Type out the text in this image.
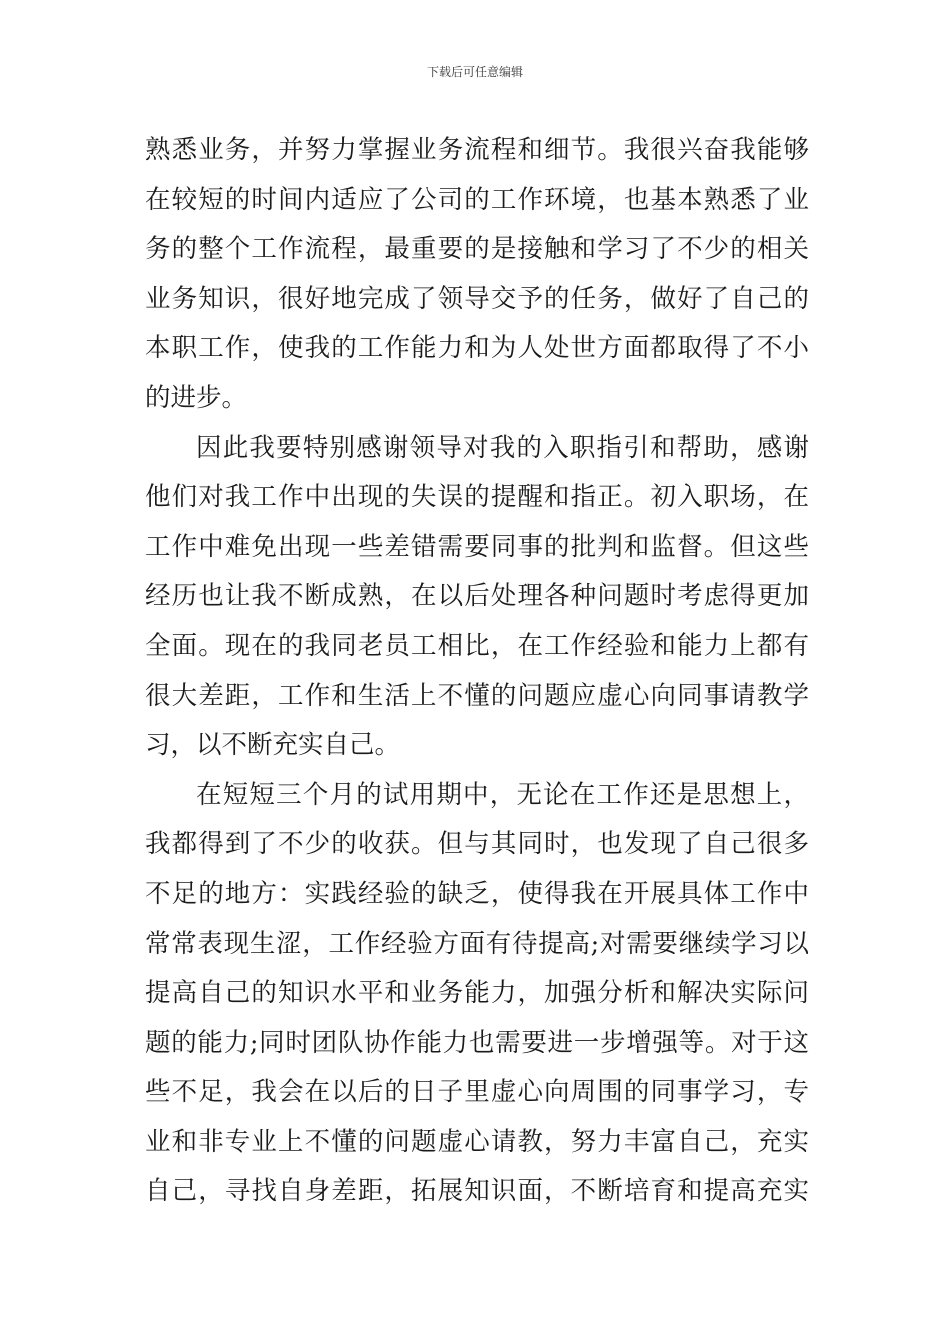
下载后可任意编辑
熟悉业务，并努力掌握业务流程和细节。我很兴奋我能够
在较短的时间内适应了公司的工作环境，也基本熟悉了业
务的整个工作流程，最重要的是接触和学习了不少的相关
业务知识，很好地完成了领导交予的任务，做好了自己的
本职工作，使我的工作能力和为人处世方面都取得了不小
的进步。
因此我要特别感谢领导对我的入职指引和帮助，感谢
他们对我工作中出现的失误的提醒和指正。初入职场，在
工作中难免出现一些差错需要同事的批判和监督。但这些
经历也让我不断成熟，在以后处理各种问题时考虑得更加
全面。现在的我同老员工相比，在工作经验和能力上都有
很大差距，工作和生活上不懂的问题应虚心向同事请教学
习，以不断充实自己。
在短短三个月的试用期中，无论在工作还是思想上，
我都得到了不少的收获。但与其同时，也发现了自己很多
不足的地方：实践经验的缺乏，使得我在开展具体工作中
常常表现生涩，工作经验方面有待提高;对需要继续学习以
提高自己的知识水平和业务能力，加强分析和解决实际问
题的能力;同时团队协作能力也需要进一步增强等。对于这
些不足，我会在以后的日子里虚心向周围的同事学习，专
业和非专业上不懂的问题虚心请教，努力丰富自己，充实
自己，寻找自身差距，拓展知识面，不断培育和提高充实
